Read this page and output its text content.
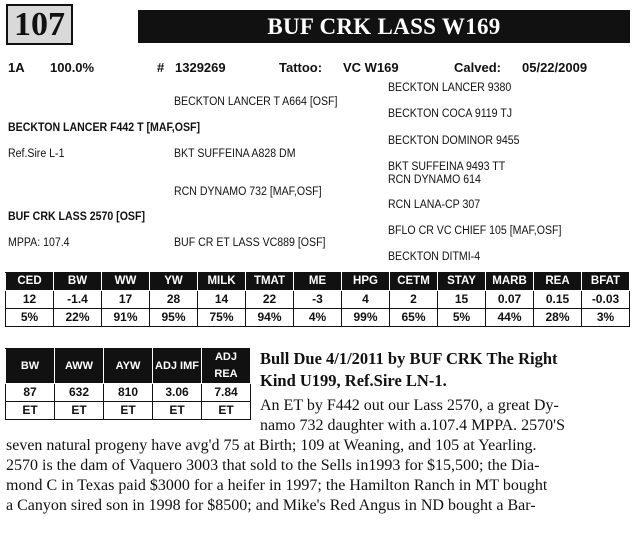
107	BUF CRK LASS W169
1A 100.0%	# 1329269	Tattoo: VC W169	Calved: 05/22/2009
BECKTON LANCER 9380
BECKTON LANCER T A664 [OSF]
BECKTON COCA 9119 TJ
BECKTON LANCER F442 T [MAF,OSF]
BECKTON DOMINOR 9455
Ref.Sire L-1	BKT SUFFEINA A828 DM
BKT SUFFEINA 9493 TT
RCN DYNAMO 614
RCN DYNAMO 732 [MAF,OSF]
RCN LANA-CP 307
BUF CRK LASS 2570 [OSF]
BFLO CR VC CHIEF 105 [MAF,OSF]
MPPA: 107.4	BUF CR ET LASS VC889 [OSF]
BECKTON DITMI-4
CED	BW	WW	YW	MILK	TMAT	ME	HPG	CETM	STAY	MARB	REA	BFAT
12	-1.4	17	28	14	22	-3	4	2	15	0.07	0.15	-0.03
5%	22%	91%	95%	75%	94%	4%	99%	65%	5%	44%	28%	3%
BW	AWW	AYW	ADJ IMF	ADJ REA
87	632	810	3.06	7.84
ET	ET	ET	ET	ET
Bull Due 4/1/2011 by BUF CRK The Right
Kind U199, Ref.Sire LN-1.
An ET by F442 out our Lass 2570, a great Dy-
namo 732 daughter with a.107.4 MPPA. 2570'S
seven natural progeny have avg'd 75 at Birth; 109 at Weaning, and 105 at Yearling.
2570 is the dam of Vaquero 3003 that sold to the Sells in1993 for $15,500; the Dia-
mond C in Texas paid $3000 for a heifer in 1997; the Hamilton Ranch in MT bought
a Canyon sired son in 1998 for $8500; and Mike's Red Angus in ND bought a Bar-
